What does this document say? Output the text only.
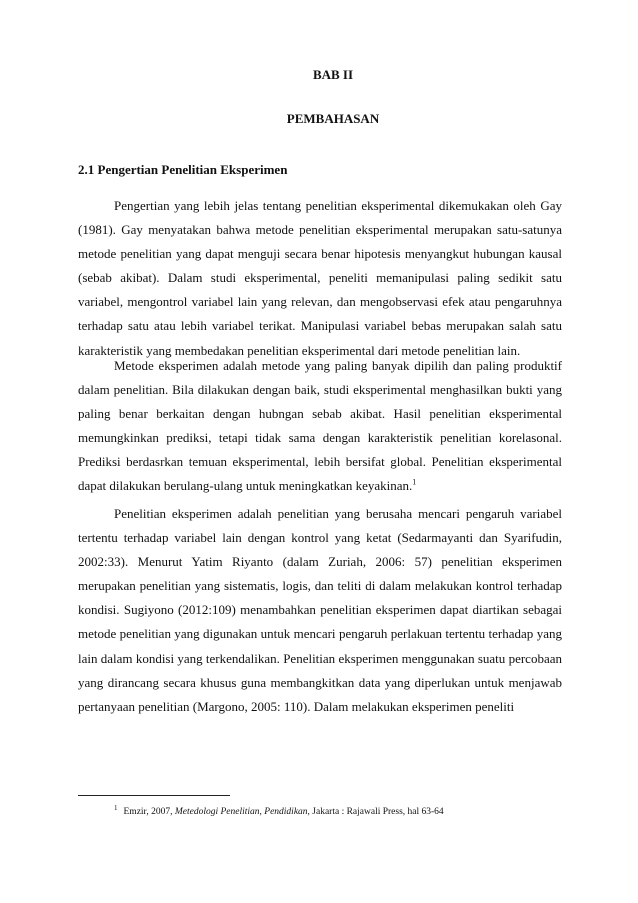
BAB II

PEMBAHASAN

2.1 Pengertian Penelitian Eksperimen

Pengertian yang lebih jelas tentang penelitian eksperimental dikemukakan oleh Gay (1981). Gay menyatakan bahwa metode penelitian eksperimental merupakan satu-satunya metode penelitian yang dapat menguji secara benar hipotesis menyangkut hubungan kausal (sebab akibat). Dalam studi eksperimental, peneliti memanipulasi paling sedikit satu variabel, mengontrol variabel lain yang relevan, dan mengobservasi efek atau pengaruhnya terhadap satu atau lebih variabel terikat. Manipulasi variabel bebas merupakan salah satu karakteristik yang membedakan penelitian eksperimental dari metode penelitian lain.

Metode eksperimen adalah metode yang paling banyak dipilih dan paling produktif dalam penelitian. Bila dilakukan dengan baik, studi eksperimental menghasilkan bukti yang paling benar berkaitan dengan hubngan sebab akibat. Hasil penelitian eksperimental memungkinkan prediksi, tetapi tidak sama dengan karakteristik penelitian korelasonal. Prediksi berdasrkan temuan eksperimental, lebih bersifat global. Penelitian eksperimental dapat dilakukan berulang-ulang untuk meningkatkan keyakinan.$^1$

Penelitian eksperimen adalah penelitian yang berusaha mencari pengaruh variabel tertentu terhadap variabel lain dengan kontrol yang ketat (Sedarmayanti dan Syarifudin, 2002:33). Menurut Yatim Riyanto (dalam Zuriah, 2006: 57) penelitian eksperimen merupakan penelitian yang sistematis, logis, dan teliti di dalam melakukan kontrol terhadap kondisi. Sugiyono (2012:109) menambahkan penelitian eksperimen dapat diartikan sebagai metode penelitian yang digunakan untuk mencari pengaruh perlakuan tertentu terhadap yang lain dalam kondisi yang terkendalikan. Penelitian eksperimen menggunakan suatu percobaan yang dirancang secara khusus guna membangkitkan data yang diperlukan untuk menjawab pertanyaan penelitian (Margono, 2005: 110). Dalam melakukan eksperimen peneliti

$^1$ Emzir, 2007, Metedologi Penelitian, Pendidikan, Jakarta : Rajawali Press, hal 63-64
